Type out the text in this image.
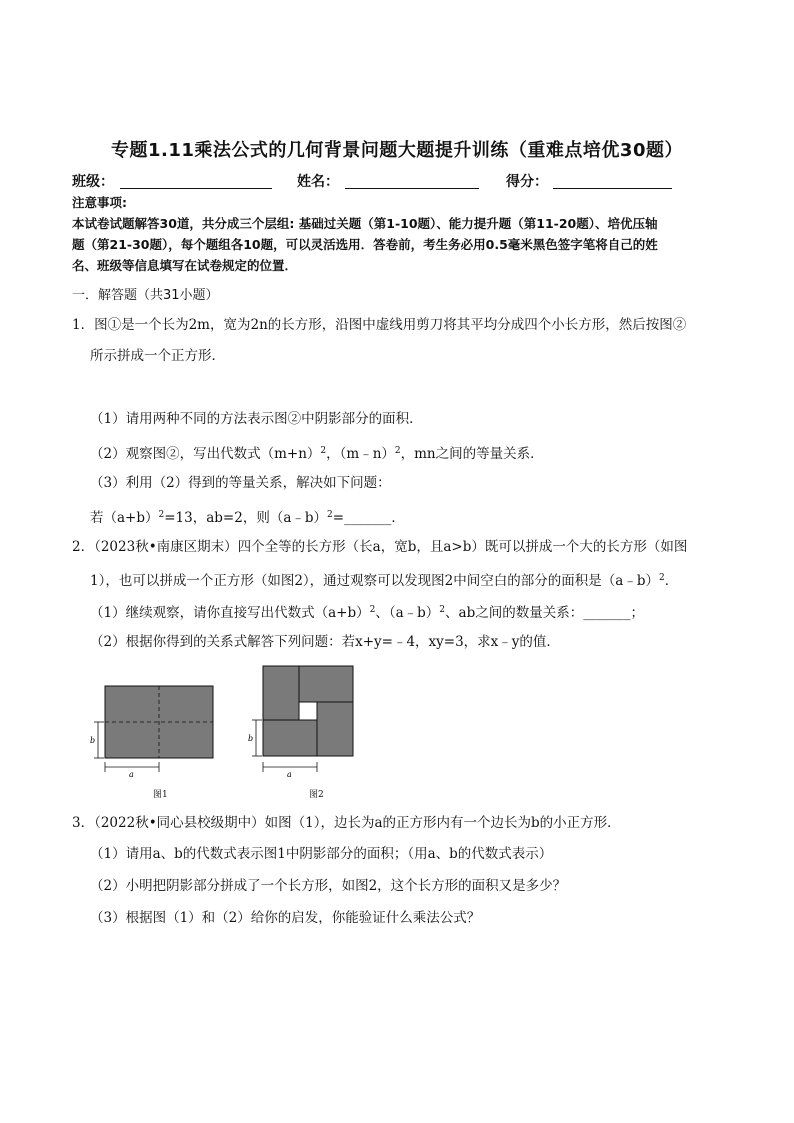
专题1.11乘法公式的几何背景问题大题提升训练（重难点培优30题）
班级：	姓名：	得分：
注意事项:
本试卷试题解答30道，共分成三个层组: 基础过关题（第1-10题）、能力提升题（第11-20题）、培优压轴
题（第21-30题），每个题组各10题，可以灵活选用．答卷前，考生务必用0.5毫米黑色签字笔将自己的姓
名、班级等信息填写在试卷规定的位置．
一．解答题（共31小题）
1．图①是一个长为2m，宽为2n的长方形，沿图中虚线用剪刀将其平均分成四个小长方形，然后按图②
所示拼成一个正方形．
（1）请用两种不同的方法表示图②中阴影部分的面积．
（2）观察图②，写出代数式$(m+n)^2$，（m﹣n）$^2$，mn之间的等量关系．
（3）利用（2）得到的等量关系，解决如下问题：
若$(a+b)^2=13$，ab=2，则（a﹣b）$^2$=_______．
2．（2023秋•南康区期末）四个全等的长方形（长a，宽b，且a>b）既可以拼成一个大的长方形（如图
1），也可以拼成一个正方形（如图2），通过观察可以发现图2中间空白的部分的面积是（a﹣b）$^2$．
（1）继续观察，请你直接写出代数式$(a+b)^2$、（a﹣b）$^2$、ab之间的数量关系：_______；
（2）根据你得到的关系式解答下列问题：若x+y=﹣4，xy=3，求x﹣y的值．
b
a
图1
b
a
图2
3．（2022秋•同心县校级期中）如图（1），边长为a的正方形内有一个边长为b的小正方形．
（1）请用a、b的代数式表示图1中阴影部分的面积；（用a、b的代数式表示）
（2）小明把阴影部分拼成了一个长方形，如图2，这个长方形的面积又是多少？
（3）根据图（1）和（2）给你的启发，你能验证什么乘法公式？
